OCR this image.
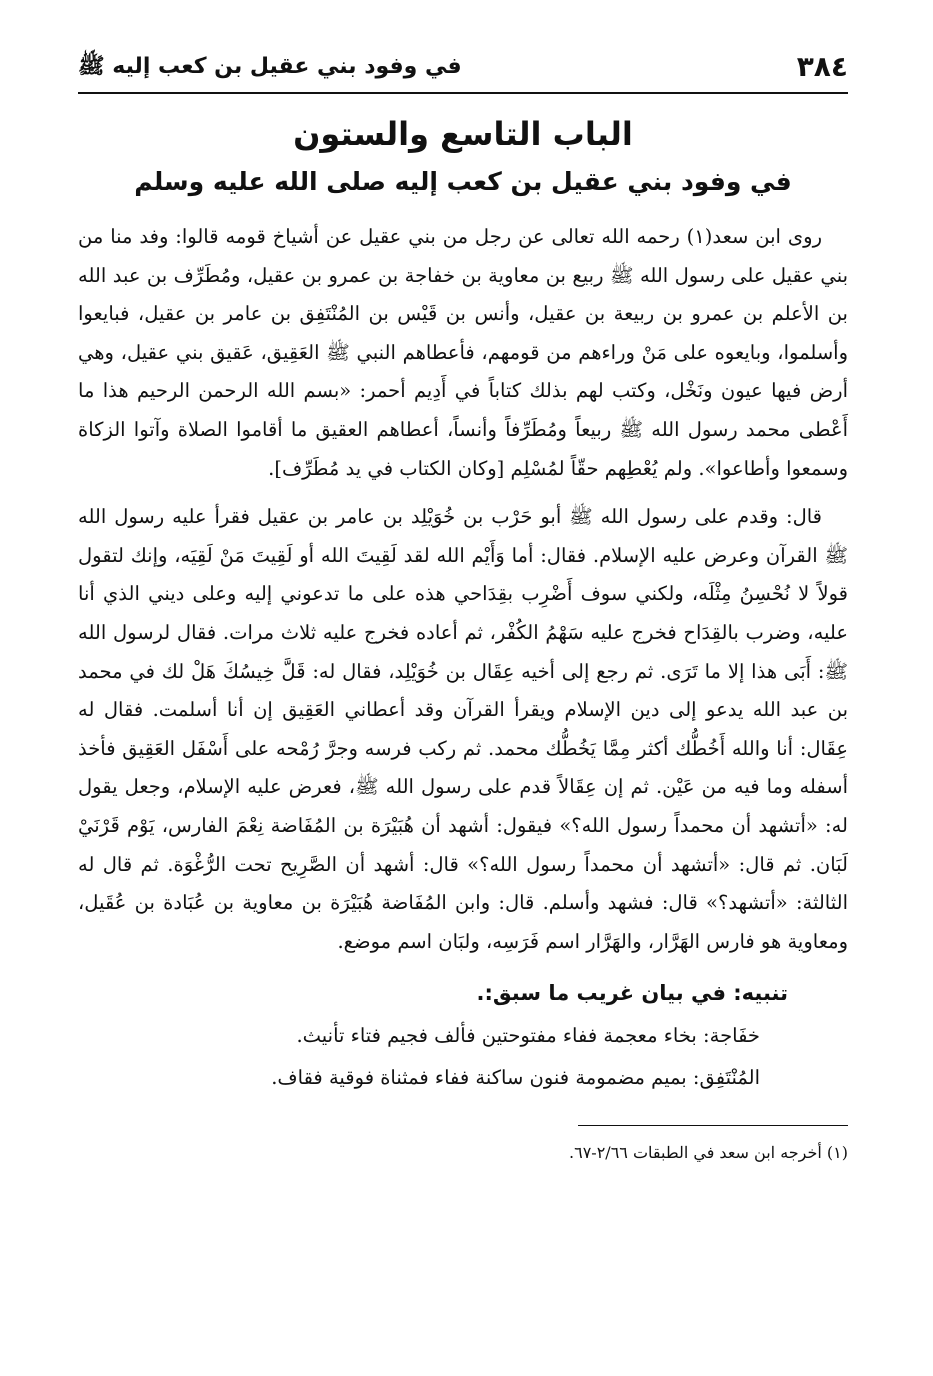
٣٨٤
في وفود بني عقيل بن كعب إليه ﷺ
الباب التاسع والستون
في وفود بني عقيل بن كعب إليه صلى الله عليه وسلم

روى ابن سعد(١) رحمه الله تعالى عن رجل من بني عقيل عن أشياخ قومه قالوا: وفد منا من بني عقيل على رسول الله ﷺ ربيع بن معاوية بن خفاجة بن عمرو بن عقيل، ومُطَرِّف بن عبد الله بن الأعلم بن عمرو بن ربيعة بن عقيل، وأنس بن قَيْس بن المُنْتَفِق بن عامر بن عقيل، فبايعوا وأسلموا، وبايعوه على مَنْ وراءهم من قومهم، فأعطاهم النبي ﷺ العَقِيق، عَقيق بني عقيل، وهي أرض فيها عيون ونَخْل، وكتب لهم بذلك كتاباً في أَدِيم أحمر: «بسم الله الرحمن الرحيم هذا ما أَعْطى محمد رسول الله ﷺ ربيعاً ومُطَرِّفاً وأنساً، أعطاهم العقيق ما أقاموا الصلاة وآتوا الزكاة وسمعوا وأطاعوا». ولم يُعْطِهم حقّاً لمُسْلِم [وكان الكتاب في يد مُطَرِّف].

قال: وقدم على رسول الله ﷺ أبو حَرْب بن خُوَيْلِد بن عامر بن عقيل فقرأ عليه رسول الله ﷺ القرآن وعرض عليه الإسلام. فقال: أما وَأَيْم الله لقد لَقِيتَ الله أو لَقِيتَ مَنْ لَقِيَه، وإنك لتقول قولاً لا نُحْسِنُ مِثْلَه، ولكني سوف أَضْرِب بقِدَاحي هذه على ما تدعوني إليه وعلى ديني الذي أنا عليه، وضرب بالقِدَاح فخرج عليه سَهْمُ الكُفْر، ثم أعاده فخرج عليه ثلاث مرات. فقال لرسول الله ﷺ: أَبَى هذا إلا ما تَرَى. ثم رجع إلى أخيه عِقَال بن خُوَيْلِد، فقال له: قَلَّ خِيسُكَ هَلْ لك في محمد بن عبد الله يدعو إلى دين الإسلام ويقرأ القرآن وقد أعطاني العَقِيق إن أنا أسلمت. فقال له عِقَال: أنا والله أَخُطُّك أكثر مِمَّا يَخُطُّك محمد. ثم ركب فرسه وجرَّ رُمْحه على أَسْفَل العَقِيق فأخذ أسفله وما فيه من عَيْن. ثم إن عِقَالاً قدم على رسول الله ﷺ، فعرض عليه الإسلام، وجعل يقول له: «أتشهد أن محمداً رسول الله؟» فيقول: أشهد أن هُبَيْرَة بن المُفَاضة نِعْمَ الفارس، يَوْم قَرْنَيْ لَبَان. ثم قال: «أتشهد أن محمداً رسول الله؟» قال: أشهد أن الصَّرِيح تحت الرُّغْوَة. ثم قال له الثالثة: «أتشهد؟» قال: فشهد وأسلم. قال: وابن المُفَاضة هُبَيْرَة بن معاوية بن عُبَادة بن عُقَيل، ومعاوية هو فارس الهَرَّار، والهَرَّار اسم فَرَسِه، ولبَان اسم موضع.

تنبيه: في بيان غريب ما سبق:.
خفَاجة: بخاء معجمة ففاء مفتوحتين فألف فجيم فتاء تأنيث.
المُنْتَفِق: بميم مضمومة فنون ساكنة ففاء فمثناة فوقية فقاف.
(١) أخرجه ابن سعد في الطبقات ٢/٦٦-٦٧.
